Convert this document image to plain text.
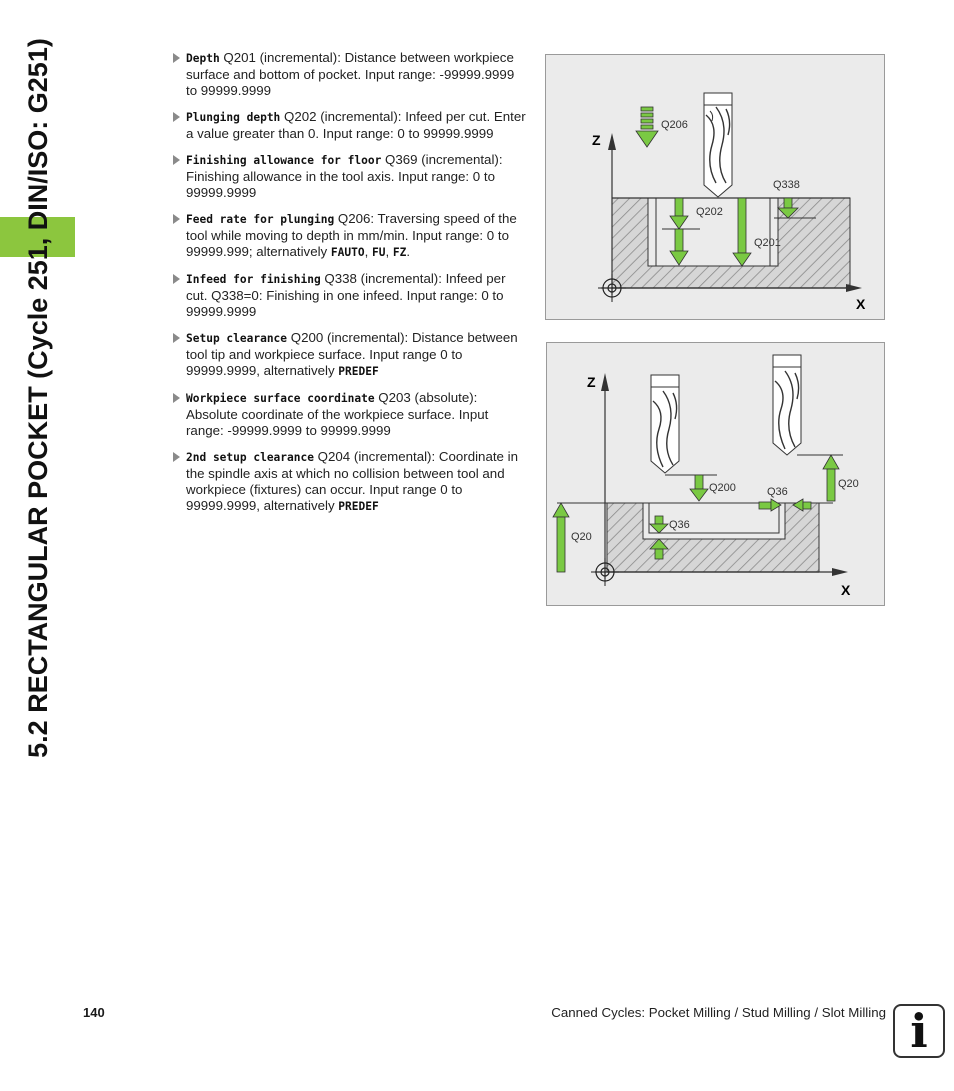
5.2 RECTANGULAR POCKET (Cycle 251, DIN/ISO: G251)	Depth Q201 (incremental): Distance between workpiece surface and bottom of pocket. Input range: -99999.9999 to 99999.9999
Plunging depth Q202 (incremental): Infeed per cut. Enter a value greater than 0. Input range: 0 to 99999.9999
Finishing allowance for floor Q369 (incremental): Finishing allowance in the tool axis. Input range: 0 to 99999.9999
Feed rate for plunging Q206: Traversing speed of the tool while moving to depth in mm/min. Input range: 0 to 99999.999; alternatively FAUTO, FU, FZ.
Infeed for finishing Q338 (incremental): Infeed per cut. Q338=0: Finishing in one infeed. Input range: 0 to 99999.9999
Setup clearance Q200 (incremental): Distance between tool tip and workpiece surface. Input range 0 to 99999.9999, alternatively PREDEF
Workpiece surface coordinate Q203 (absolute): Absolute coordinate of the workpiece surface. Input range: -99999.9999 to 99999.9999
2nd setup clearance Q204 (incremental): Coordinate in the spindle axis at which no collision between tool and workpiece (fixtures) can occur. Input range 0 to 99999.9999, alternatively PREDEF
Z
X
Q206
Q202
Q201
Q338
Z
X
Q200	Q36
Q20
Q20
Q36
140	Canned Cycles: Pocket Milling / Stud Milling / Slot Milling i
